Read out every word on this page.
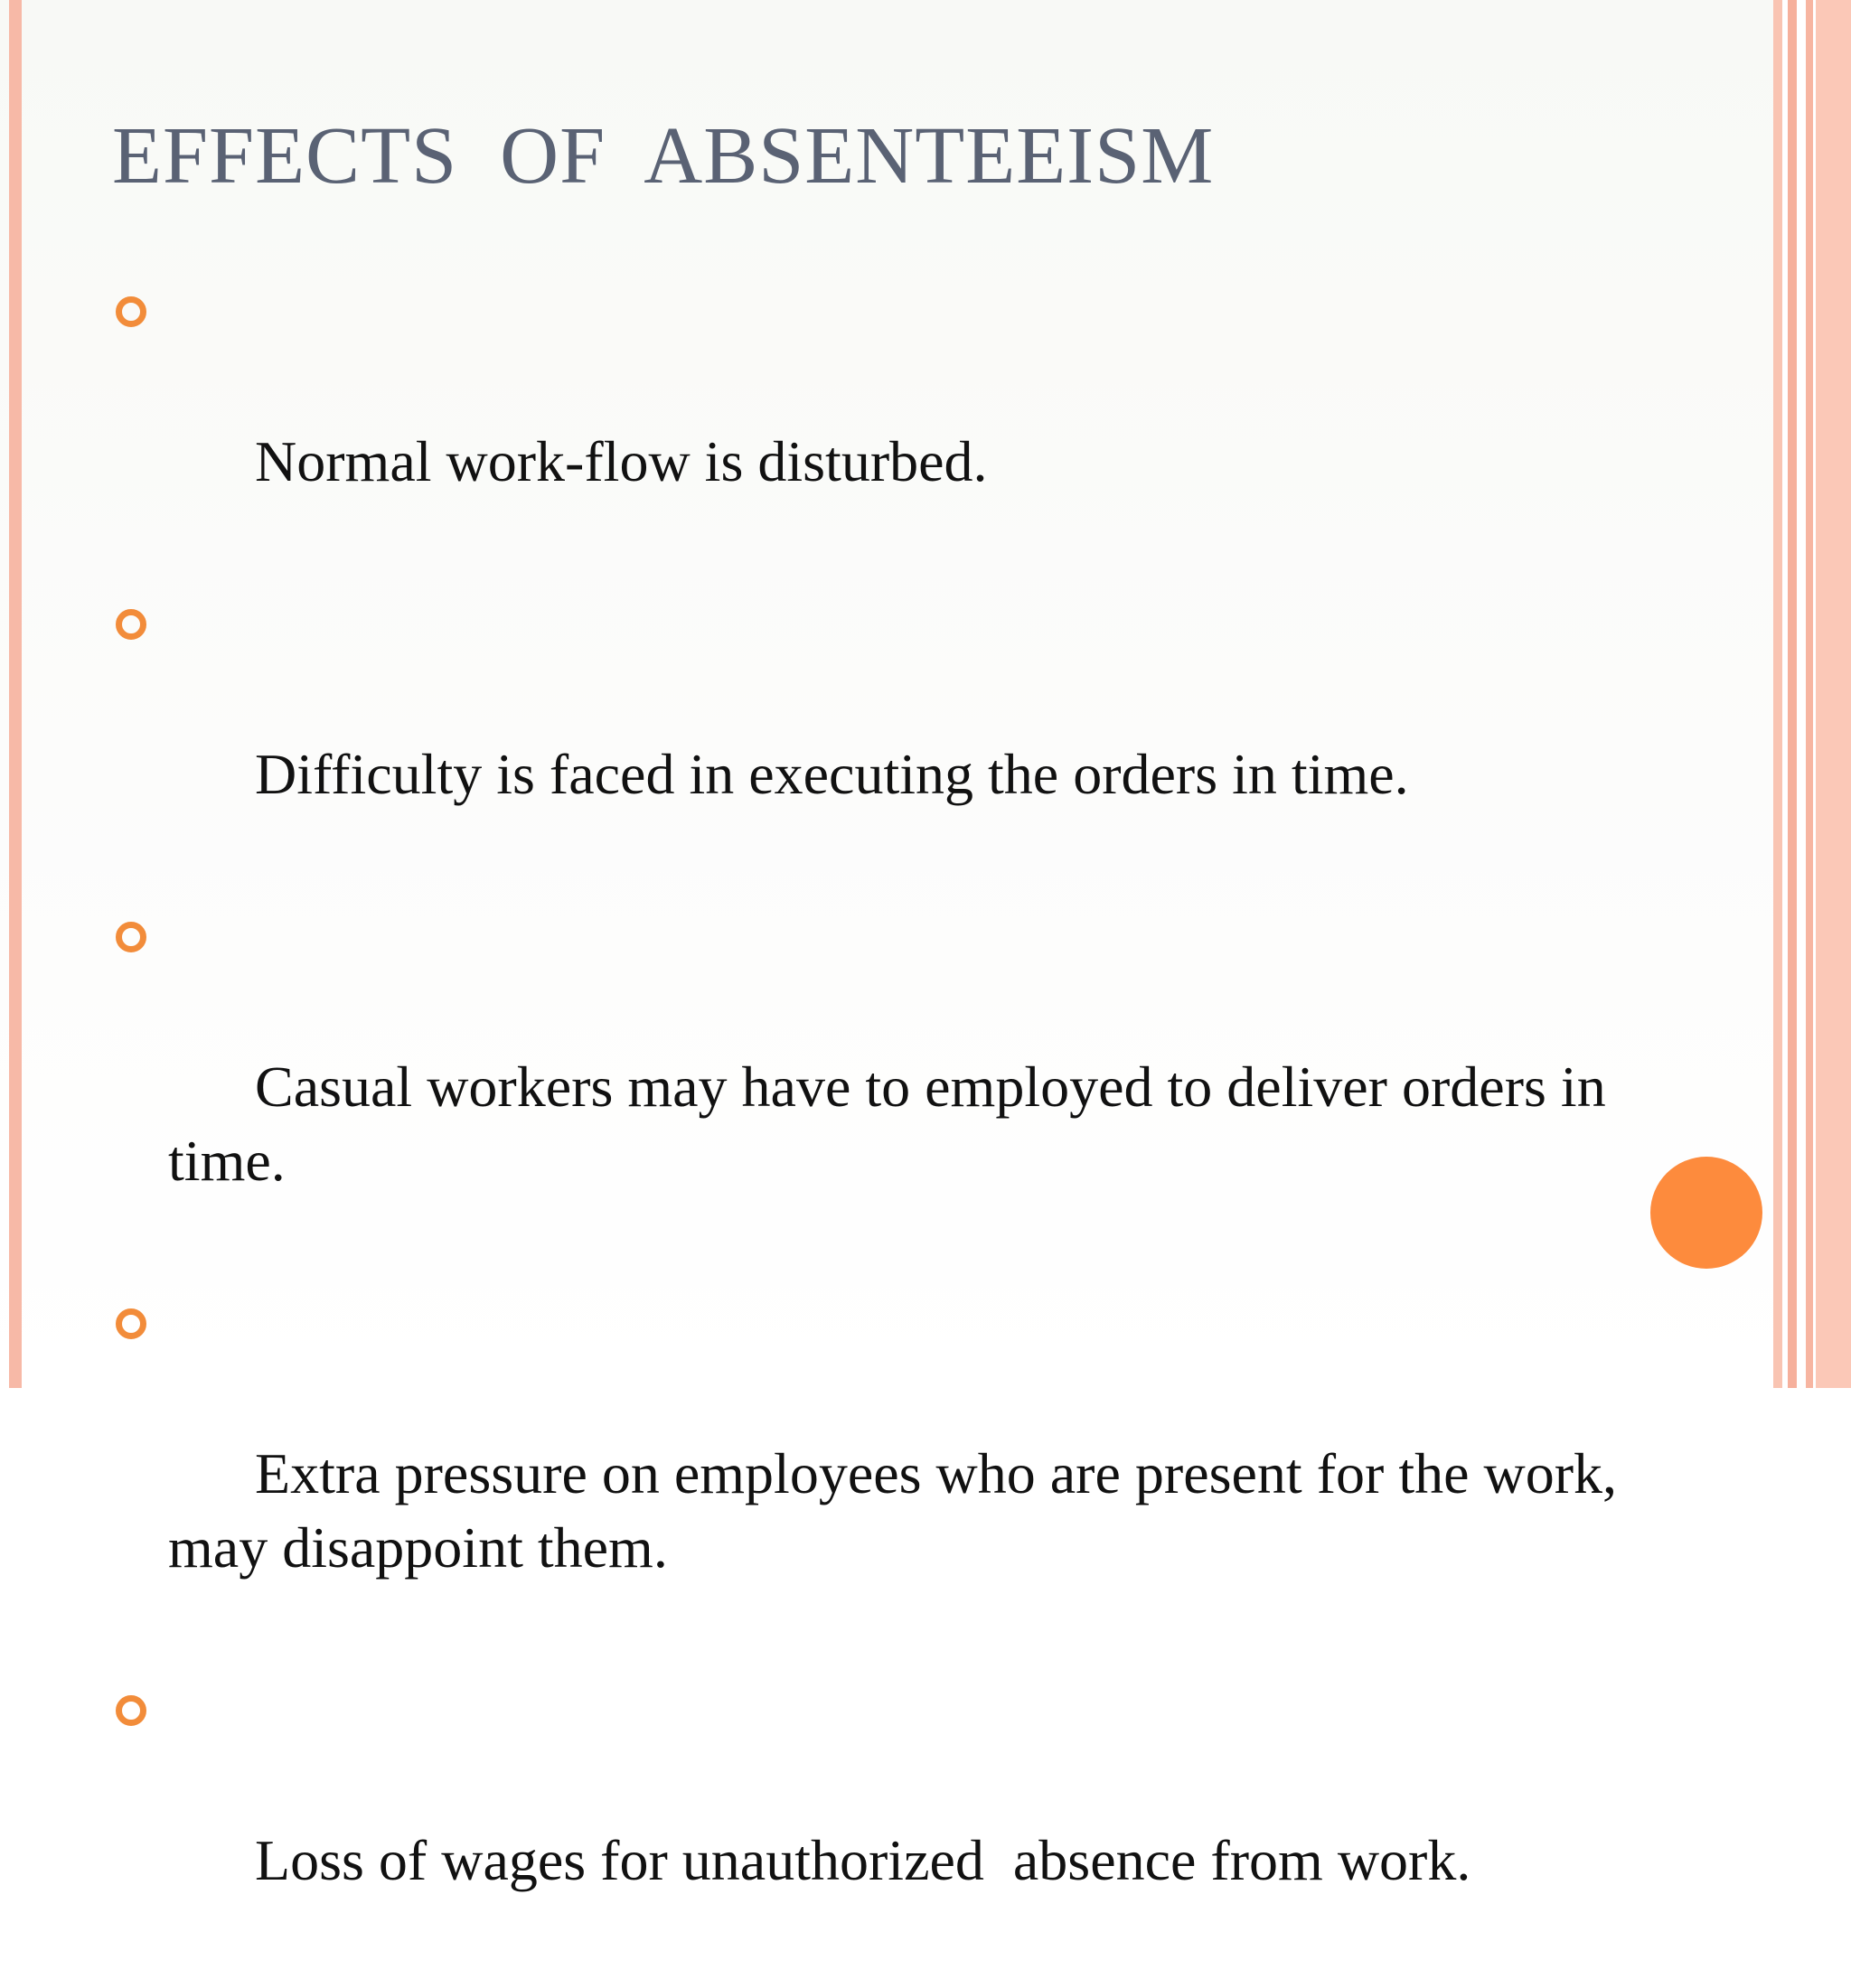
EFFECTS  OF  ABSENTEEISM

Normal work-flow is disturbed.

Difficulty is faced in executing the orders in time.

Casual workers may have to employed to deliver orders in time.

Extra pressure on employees who are present for the work, may disappoint them.

Loss of wages for unauthorized  absence from work.
